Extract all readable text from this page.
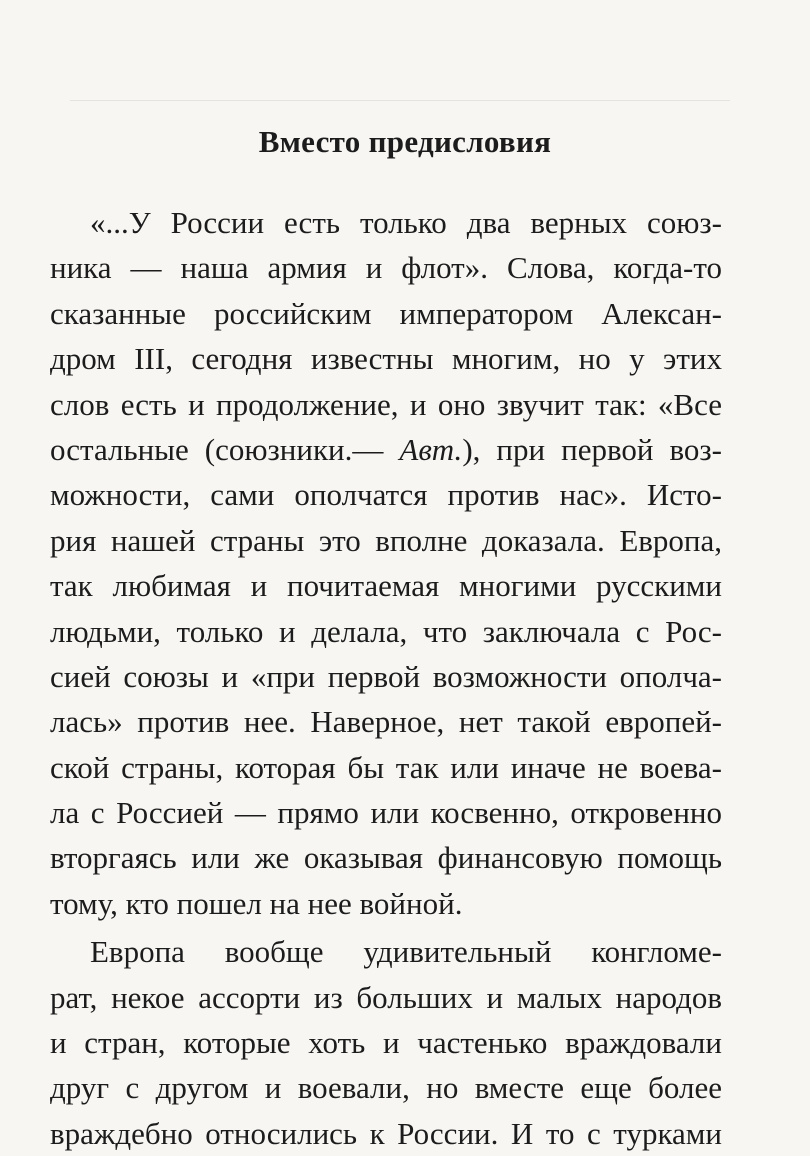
Вместо предисловия
«...У России есть только два верных союз-
ника — наша армия и флот». Слова, когда-то
сказанные российским императором Алексан-
дром III, сегодня известны многим, но у этих
слов есть и продолжение, и оно звучит так: «Все
остальные (союзники.— Авт.), при первой воз-
можности, сами ополчатся против нас». Исто-
рия нашей страны это вполне доказала. Европа,
так любимая и почитаемая многими русскими
людьми, только и делала, что заключала с Рос-
сией союзы и «при первой возможности ополча-
лась» против нее. Наверное, нет такой европей-
ской страны, которая бы так или иначе не воева-
ла с Россией — прямо или косвенно, откровенно
вторгаясь или же оказывая финансовую помощь
тому, кто пошел на нее войной.
Европа вообще удивительный конгломе-
рат, некое ассорти из больших и малых народов
и стран, которые хоть и частенько враждовали
друг с другом и воевали, но вместе еще более
враждебно относились к России. И то с турками
